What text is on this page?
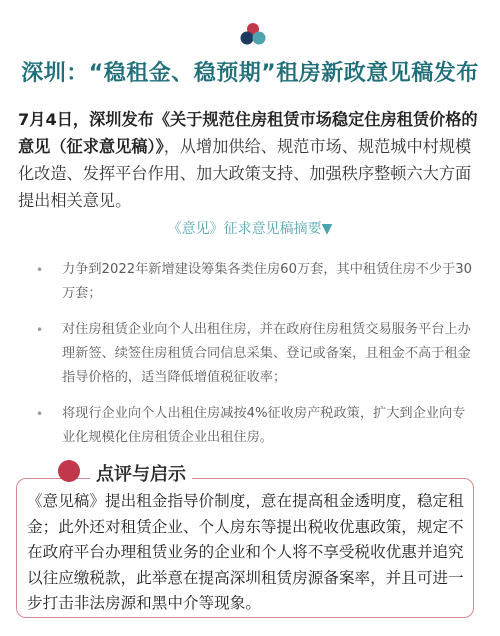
深圳：“稳租金、稳预期”租房新政意见稿发布
7月4日，深圳发布《关于规范住房租赁市场稳定住房租赁价格的意见（征求意见稿）》，从增加供给、规范市场、规范城中村规模化改造、发挥平台作用、加大政策支持、加强秩序整顿六大方面提出相关意见。
《意见》征求意见稿摘要▼
• 力争到2022年新增建设筹集各类住房60万套，其中租赁住房不少于30万套；
• 对住房租赁企业向个人出租住房，并在政府住房租赁交易服务平台上办理新签、续签住房租赁合同信息采集、登记或备案，且租金不高于租金指导价格的，适当降低增值税征收率；
• 将现行企业向个人出租住房减按4%征收房产税政策，扩大到企业向专业化规模化住房租赁企业出租住房。
《意见稿》提出租金指导价制度，意在提高租金透明度，稳定租金；此外还对租赁企业、个人房东等提出税收优惠政策，规定不在政府平台办理租赁业务的企业和个人将不享受税收优惠并追究以往应缴税款，此举意在提高深圳租赁房源备案率，并且可进一步打击非法房源和黑中介等现象。
点评与启示
